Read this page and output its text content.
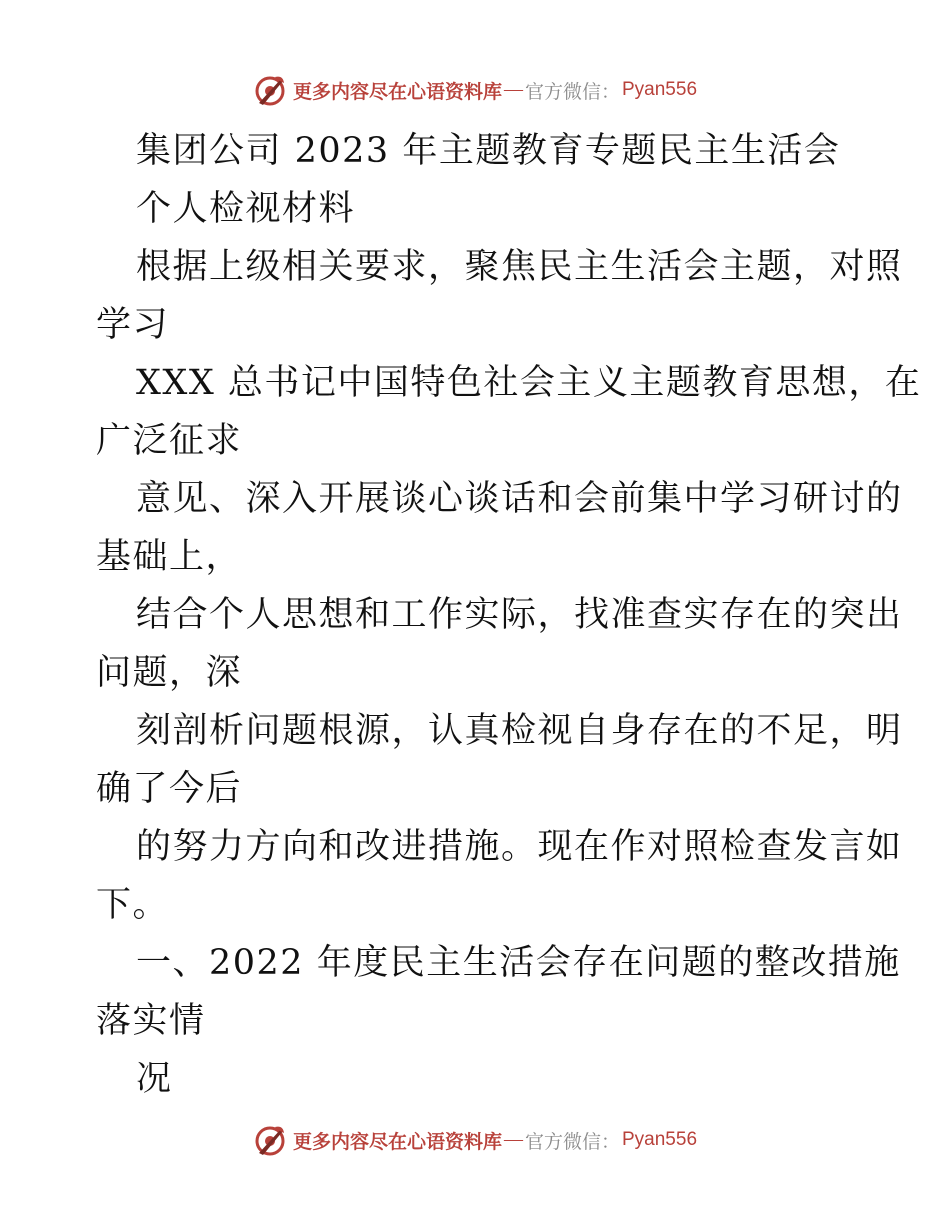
更多内容尽在心语资料库 — 官方微信： Pyan556
集团公司 2023 年主题教育专题民主生活会
个人检视材料
根据上级相关要求，聚焦民主生活会主题，对照
学习
XXX 总书记中国特色社会主义主题教育思想，在
广泛征求
意见、深入开展谈心谈话和会前集中学习研讨的
基础上，
结合个人思想和工作实际，找准查实存在的突出
问题，深
刻剖析问题根源，认真检视自身存在的不足，明
确了今后
的努力方向和改进措施。现在作对照检查发言如
下。
一、2022 年度民主生活会存在问题的整改措施
落实情
况
更多内容尽在心语资料库 — 官方微信： Pyan556
